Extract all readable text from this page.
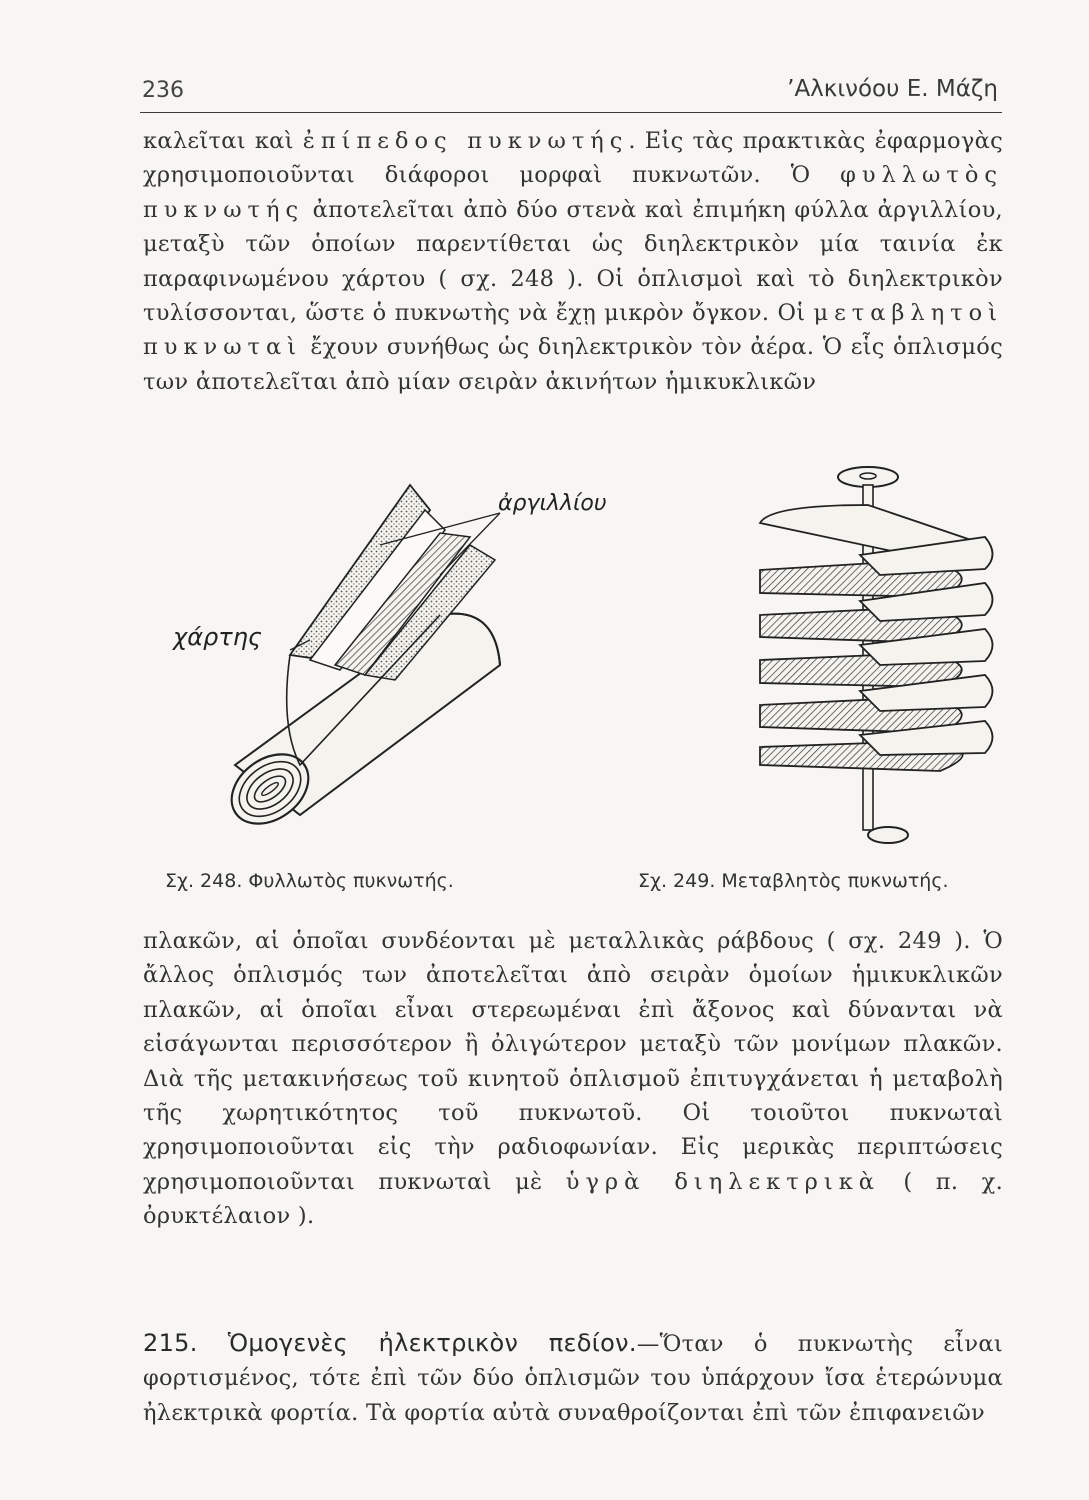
236	’Αλκινόου Ε. Μάζη

καλεῖται καὶ ἐπίπεδος πυκνωτής. Εἰς τὰς πρακτικὰς ἐφαρμογὰς χρησιμοποιοῦνται διάφοροι μορφαὶ πυκνωτῶν. Ὁ φυλλωτὸς πυκνωτής ἀποτελεῖται ἀπὸ δύο στενὰ καὶ ἐπιμήκη φύλλα ἀργιλλίου, μεταξὺ τῶν ὁποίων παρεντίθεται ὡς διηλεκτρικὸν μία ταινία ἐκ παραφινωμένου χάρτου ( σχ. 248 ). Οἱ ὁπλισμοὶ καὶ τὸ διηλεκτρικὸν τυλίσσονται, ὥστε ὁ πυκνωτὴς νὰ ἔχῃ μικρὸν ὄγκον. Οἱ μεταβλητοὶ πυκνωταὶ ἔχουν συνήθως ὡς διηλεκτρικὸν τὸν ἀέρα. Ὁ εἷς ὁπλισμός των ἀποτελεῖται ἀπὸ μίαν σειρὰν ἀκινήτων ἡμικυκλικῶν

ἀργιλλίου
χάρτης
Σχ. 248. Φυλλωτὸς πυκνωτής.	Σχ. 249. Μεταβλητὸς πυκνωτής.

πλακῶν, αἱ ὁποῖαι συνδέονται μὲ μεταλλικὰς ράβδους ( σχ. 249 ). Ὁ ἄλλος ὁπλισμός των ἀποτελεῖται ἀπὸ σειρὰν ὁμοίων ἡμικυκλικῶν πλακῶν, αἱ ὁποῖαι εἶναι στερεωμέναι ἐπὶ ἄξονος καὶ δύνανται νὰ εἰσάγωνται περισσότερον ἢ ὀλιγώτερον μεταξὺ τῶν μονίμων πλακῶν. Διὰ τῆς μετακινήσεως τοῦ κινητοῦ ὁπλισμοῦ ἐπιτυγχάνεται ἡ μεταβολὴ τῆς χωρητικότητος τοῦ πυκνωτοῦ. Οἱ τοιοῦτοι πυκνωταὶ χρησιμοποιοῦνται εἰς τὴν ραδιοφωνίαν. Εἰς μερικὰς περιπτώσεις χρησιμοποιοῦνται πυκνωταὶ μὲ ὑγρὰ διηλεκτρικὰ ( π. χ. ὀρυκτέλαιον ).

215. Ὁμογενὲς ἠλεκτρικὸν πεδίον.—Ὅταν ὁ πυκνωτὴς εἶναι φορτισμένος, τότε ἐπὶ τῶν δύο ὁπλισμῶν του ὑπάρχουν ἴσα ἑτερώνυμα ἠλεκτρικὰ φορτία. Τὰ φορτία αὐτὰ συναθροίζονται ἐπὶ τῶν ἐπιφανειῶν
